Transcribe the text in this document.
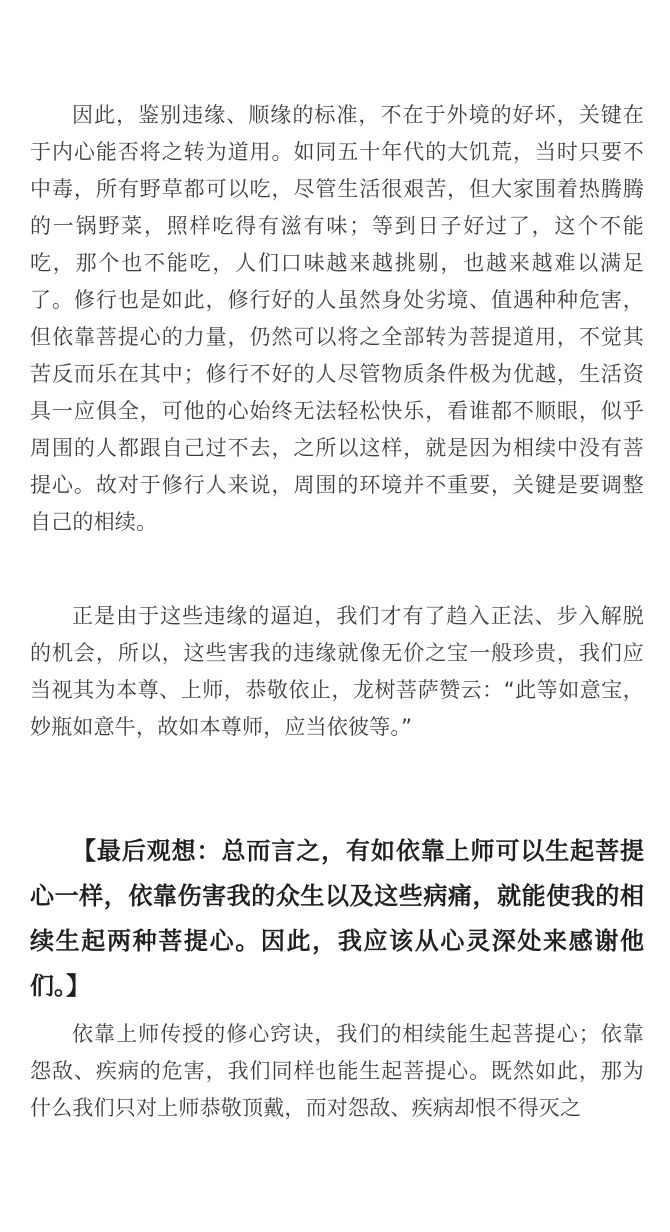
因此，鉴别违缘、顺缘的标准，不在于外境的好坏，关键在于内心能否将之转为道用。如同五十年代的大饥荒，当时只要不中毒，所有野草都可以吃，尽管生活很艰苦，但大家围着热腾腾的一锅野菜，照样吃得有滋有味；等到日子好过了，这个不能吃，那个也不能吃，人们口味越来越挑剔，也越来越难以满足了。修行也是如此，修行好的人虽然身处劣境、值遇种种危害，但依靠菩提心的力量，仍然可以将之全部转为菩提道用，不觉其苦反而乐在其中；修行不好的人尽管物质条件极为优越，生活资具一应俱全，可他的心始终无法轻松快乐，看谁都不顺眼，似乎周围的人都跟自己过不去，之所以这样，就是因为相续中没有菩提心。故对于修行人来说，周围的环境并不重要，关键是要调整自己的相续。

正是由于这些违缘的逼迫，我们才有了趋入正法、步入解脱的机会，所以，这些害我的违缘就像无价之宝一般珍贵，我们应当视其为本尊、上师，恭敬依止，龙树菩萨赞云：“此等如意宝，妙瓶如意牛，故如本尊师，应当依彼等。”

【最后观想：总而言之，有如依靠上师可以生起菩提心一样，依靠伤害我的众生以及这些病痛，就能使我的相续生起两种菩提心。因此，我应该从心灵深处来感谢他们。】

依靠上师传授的修心窍诀，我们的相续能生起菩提心；依靠怨敌、疾病的危害，我们同样也能生起菩提心。既然如此，那为什么我们只对上师恭敬顶戴，而对怨敌、疾病却恨不得灭之
